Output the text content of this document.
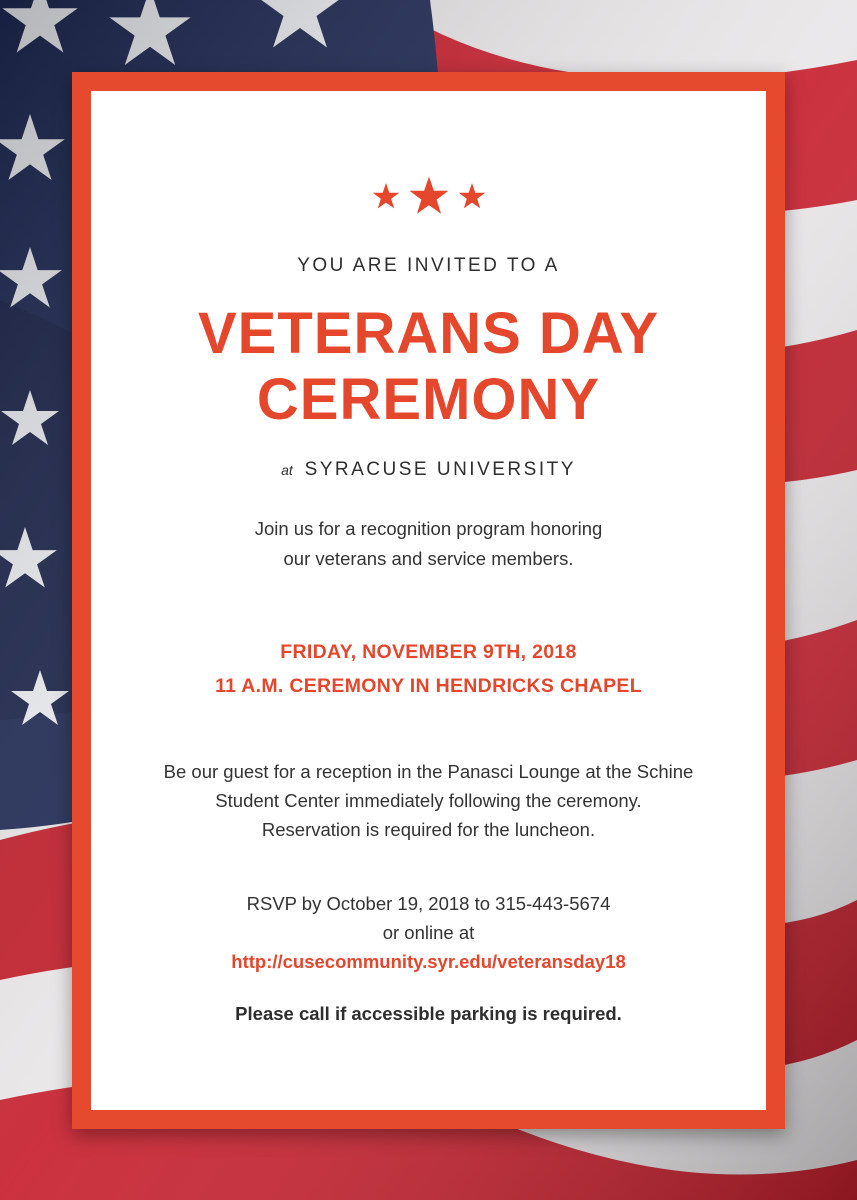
YOU ARE INVITED TO A
VETERANS DAY
CEREMONY
at SYRACUSE UNIVERSITY
Join us for a recognition program honoring
our veterans and service members.
FRIDAY, NOVEMBER 9TH, 2018
11 A.M. CEREMONY IN HENDRICKS CHAPEL
Be our guest for a reception in the Panasci Lounge at the Schine
Student Center immediately following the ceremony.
Reservation is required for the luncheon.
RSVP by October 19, 2018 to 315-443-5674
or online at
http://cusecommunity.syr.edu/veteransday18
Please call if accessible parking is required.
